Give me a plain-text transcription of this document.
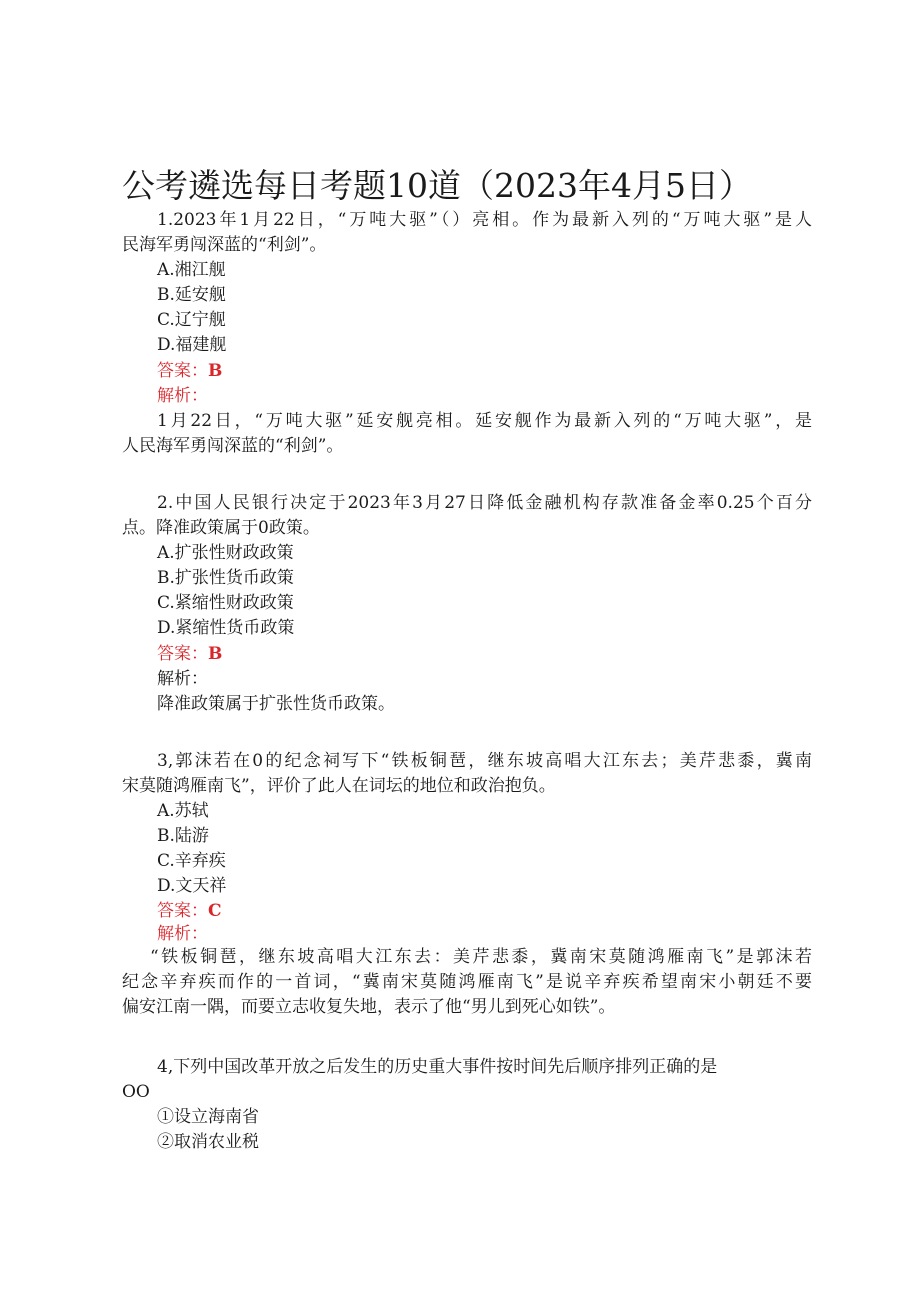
公考遴选每日考题10道（2023年4月5日）
1.2023年1月22日，“万吨大驱”（）亮相。作为最新入列的“万吨大驱”是人
民海军勇闯深蓝的“利剑”。
A.湘江舰
B.延安舰
C.辽宁舰
D.福建舰
答案：B
解析：
1月22日，“万吨大驱”延安舰亮相。延安舰作为最新入列的“万吨大驱”，是
人民海军勇闯深蓝的“利剑”。
2.中国人民银行决定于2023年3月27日降低金融机构存款准备金率0.25个百分
点。降准政策属于0政策。
A.扩张性财政政策
B.扩张性货币政策
C.紧缩性财政政策
D.紧缩性货币政策
答案：B
解析：
降准政策属于扩张性货币政策。
3,郭沫若在0的纪念祠写下“铁板铜琶，继东坡高唱大江东去；美芹悲黍，冀南
宋莫随鸿雁南飞”，评价了此人在词坛的地位和政治抱负。
A.苏轼
B.陆游
C.辛弃疾
D.文天祥
答案：C
解析：
“铁板铜琶，继东坡高唱大江东去：美芹悲黍，冀南宋莫随鸿雁南飞”是郭沫若
纪念辛弃疾而作的一首词，“冀南宋莫随鸿雁南飞”是说辛弃疾希望南宋小朝廷不要
偏安江南一隅，而要立志收复失地，表示了他“男儿到死心如铁”。
4,下列中国改革开放之后发生的历史重大事件按时间先后顺序排列正确的是
OO
①设立海南省
②取消农业税
